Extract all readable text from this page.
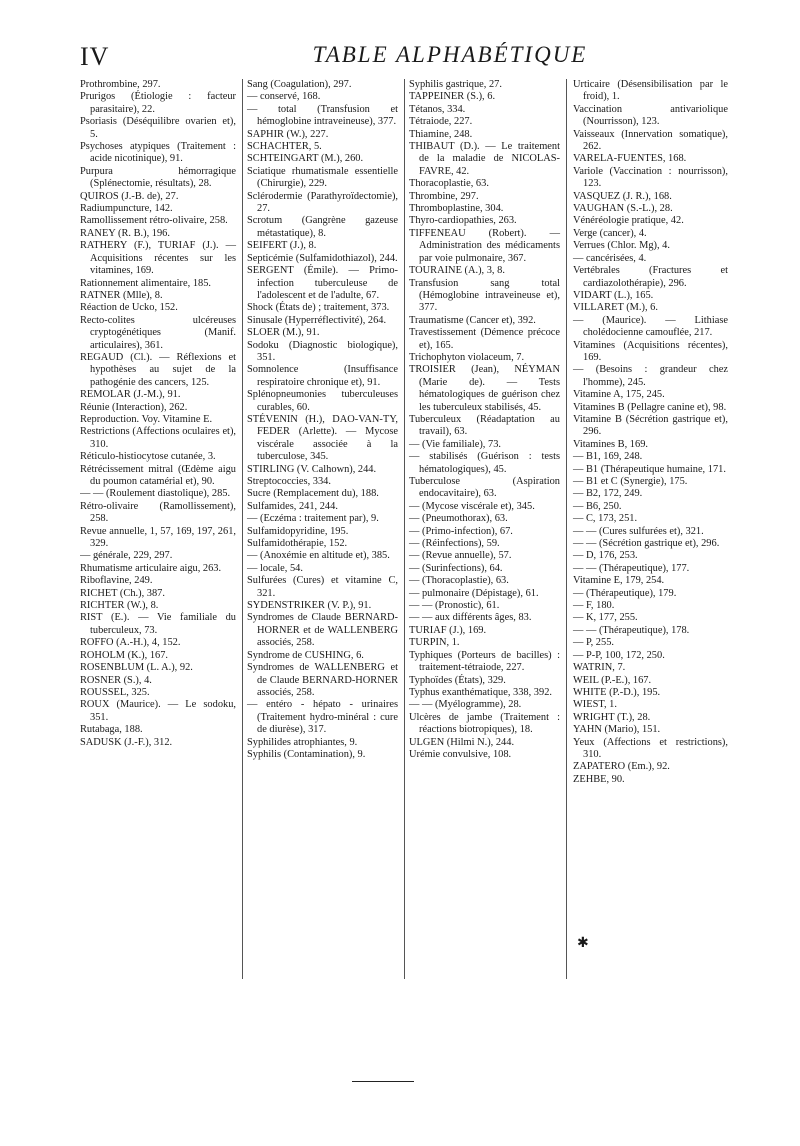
IV	TABLE ALPHABÉTIQUE

Prothrombine, 297.

Prurigos (Étiologie : facteur parasitaire), 22.

Psoriasis (Déséquilibre ovarien et), 5.

Psychoses atypiques (Traitement : acide nicotinique), 91.

Purpura hémorragique (Splénectomie, résultats), 28.

QUIROS (J.-B. de), 27.

Radiumpuncture, 142.

Ramollissement rétro-olivaire, 258.

RANEY (R. B.), 196.

RATHERY (F.), TURIAF (J.). — Acquisitions récentes sur les vitamines, 169.

Rationnement alimentaire, 185.

RATNER (Mlle), 8.

Réaction de Ucko, 152.

Recto-colites ulcéreuses cryptogénétiques (Manif. articulaires), 361.

REGAUD (Cl.). — Réflexions et hypothèses au sujet de la pathogénie des cancers, 125.

REMOLAR (J.-M.), 91.

Réunie (Interaction), 262.

Reproduction. Voy. Vitamine E.

Restrictions (Affections oculaires et), 310.

Réticulo-histiocytose cutanée, 3.

Rétrécissement mitral (Œdème aigu du poumon catamérial et), 90.

— — (Roulement diastolique), 285.

Rétro-olivaire (Ramollissement), 258.

Revue annuelle, 1, 57, 169, 197, 261, 329.

— générale, 229, 297.

Rhumatisme articulaire aigu, 263.

Riboflavine, 249.

RICHET (Ch.), 387.

RICHTER (W.), 8.

RIST (E.). — Vie familiale du tuberculeux, 73.

ROFFO (A.-H.), 4, 152.

ROHOLM (K.), 167.

ROSENBLUM (L. A.), 92.

ROSNER (S.), 4.

ROUSSEL, 325.

ROUX (Maurice). — Le sodoku, 351.

Rutabaga, 188.

SADUSK (J.-F.), 312.

Sang (Coagulation), 297.

— conservé, 168.

— total (Transfusion et hémoglobine intraveineuse), 377.

SAPHIR (W.), 227.

SCHACHTER, 5.

SCHTEINGART (M.), 260.

Sciatique rhumatismale essentielle (Chirurgie), 229.

Sclérodermie (Parathyroïdectomie), 27.

Scrotum (Gangrène gazeuse métastatique), 8.

SEIFERT (J.), 8.

Septicémie (Sulfamidothiazol), 244.

SERGENT (Émile). — Primo-infection tuberculeuse de l'adolescent et de l'adulte, 67.

Shock (États de) ; traitement, 373.

Sinusale (Hyperréflectivité), 264.

SLOER (M.), 91.

Sodoku (Diagnostic biologique), 351.

Somnolence (Insuffisance respiratoire chronique et), 91.

Splénopneumonies tuberculeuses curables, 60.

STÉVENIN (H.), DAO-VAN-TY, FEDER (Arlette). — Mycose viscérale associée à la tuberculose, 345.

STIRLING (V. Calhown), 244.

Streptococcies, 334.

Sucre (Remplacement du), 188.

Sulfamides, 241, 244.

— (Eczéma : traitement par), 9.

Sulfamidopyridine, 195.

Sulfamidothérapie, 152.

— (Anoxémie en altitude et), 385.

— locale, 54.

Sulfurées (Cures) et vitamine C, 321.

SYDENSTRIKER (V. P.), 91.

Syndromes de Claude BERNARD-HORNER et de WALLENBERG associés, 258.

Syndrome de CUSHING, 6.

Syndromes de WALLENBERG et de Claude BERNARD-HORNER associés, 258.

— entéro - hépato - urinaires (Traitement hydro-minéral : cure de diurèse), 317.

Syphilides atrophiantes, 9.

Syphilis (Contamination), 9.

Syphilis gastrique, 27.

TAPPEINER (S.), 6.

Tétanos, 334.

Tétraiode, 227.

Thiamine, 248.

THIBAUT (D.). — Le traitement de la maladie de NICOLAS-FAVRE, 42.

Thoracoplastie, 63.

Thrombine, 297.

Thromboplastine, 304.

Thyro-cardiopathies, 263.

TIFFENEAU (Robert). — Administration des médicaments par voie pulmonaire, 367.

TOURAINE (A.), 3, 8.

Transfusion sang total (Hémoglobine intraveineuse et), 377.

Traumatisme (Cancer et), 392.

Travestissement (Démence précoce et), 165.

Trichophyton violaceum, 7.

TROISIER (Jean), NÉYMAN (Marie de). — Tests hématologiques de guérison chez les tuberculeux stabilisés, 45.

Tuberculeux (Réadaptation au travail), 63.

— (Vie familiale), 73.

— stabilisés (Guérison : tests hématologiques), 45.

Tuberculose (Aspiration endocavitaire), 63.

— (Mycose viscérale et), 345.

— (Pneumothorax), 63.

— (Primo-infection), 67.

— (Réinfections), 59.

— (Revue annuelle), 57.

— (Surinfections), 64.

— (Thoracoplastie), 63.

— pulmonaire (Dépistage), 61.

— — (Pronostic), 61.

— — aux différents âges, 83.

TURIAF (J.), 169.

TURPIN, 1.

Typhiques (Porteurs de bacilles) : traitement-tétraiode, 227.

Typhoïdes (États), 329.

Typhus exanthématique, 338, 392.

— — (Myélogramme), 28.

Ulcères de jambe (Traitement : réactions biotropiques), 18.

ULGEN (Hilmi N.), 244.

Urémie convulsive, 108.

Urticaire (Désensibilisation par le froid), 1.

Vaccination antivariolique (Nourrisson), 123.

Vaisseaux (Innervation somatique), 262.

VARELA-FUENTES, 168.

Variole (Vaccination : nourrisson), 123.

VASQUEZ (J. R.), 168.

VAUGHAN (S.-L.), 28.

Vénéréologie pratique, 42.

Verge (cancer), 4.

Verrues (Chlor. Mg), 4.

— cancérisées, 4.

Vertébrales (Fractures et cardiazolothérapie), 296.

VIDART (L.), 165.

VILLARET (M.), 6.

— (Maurice). — Lithiase cholédocienne camouflée, 217.

Vitamines (Acquisitions récentes), 169.

— (Besoins : grandeur chez l'homme), 245.

Vitamine A, 175, 245.

Vitamines B (Pellagre canine et), 98.

Vitamine B (Sécrétion gastrique et), 296.

Vitamines B, 169.

— B1, 169, 248.

— B1 (Thérapeutique humaine, 171.

— B1 et C (Synergie), 175.

— B2, 172, 249.

— B6, 250.

— C, 173, 251.

— — (Cures sulfurées et), 321.

— — (Sécrétion gastrique et), 296.

— D, 176, 253.

— — (Thérapeutique), 177.

Vitamine E, 179, 254.

— (Thérapeutique), 179.

— F, 180.

— K, 177, 255.

— — (Thérapeutique), 178.

— P, 255.

— P-P, 100, 172, 250.

WATRIN, 7.

WEIL (P.-E.), 167.

WHITE (P.-D.), 195.

WIEST, 1.

WRIGHT (T.), 28.

YAHN (Mario), 151.

Yeux (Affections et restrictions), 310.

ZAPATERO (Em.), 92.

ZEHBE, 90.

✱
